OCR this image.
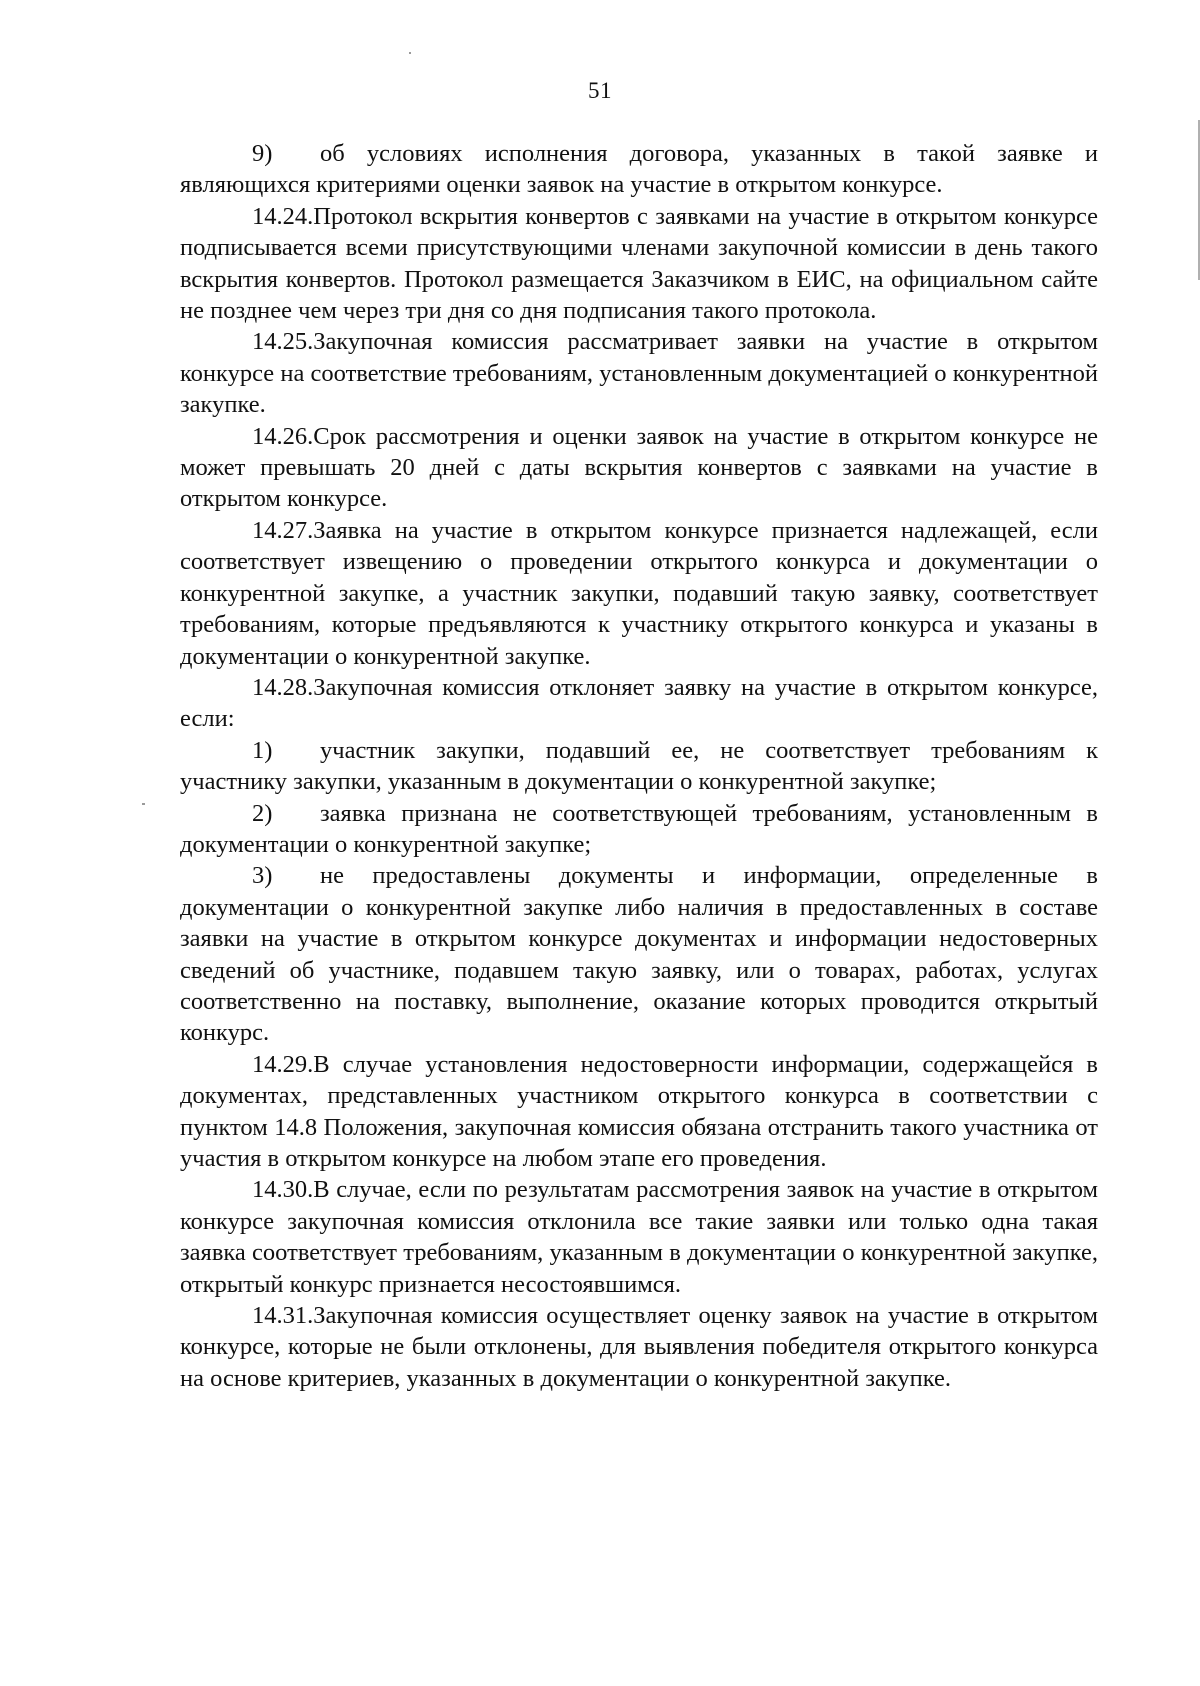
51

9) об условиях исполнения договора, указанных в такой заявке и являющихся критериями оценки заявок на участие в открытом конкурсе.

14.24.Протокол вскрытия конвертов с заявками на участие в открытом конкурсе подписывается всеми присутствующими членами закупочной комиссии в день такого вскрытия конвертов. Протокол размещается Заказчиком в ЕИС, на официальном сайте не позднее чем через три дня со дня подписания такого протокола.

14.25.Закупочная комиссия рассматривает заявки на участие в открытом конкурсе на соответствие требованиям, установленным документацией о конкурентной закупке.

14.26.Срок рассмотрения и оценки заявок на участие в открытом конкурсе не может превышать 20 дней с даты вскрытия конвертов с заявками на участие в открытом конкурсе.

14.27.Заявка на участие в открытом конкурсе признается надлежащей, если соответствует извещению о проведении открытого конкурса и документации о конкурентной закупке, а участник закупки, подавший такую заявку, соответствует требованиям, которые предъявляются к участнику открытого конкурса и указаны в документации о конкурентной закупке.

14.28.Закупочная комиссия отклоняет заявку на участие в открытом конкурсе, если:

1) участник закупки, подавший ее, не соответствует требованиям к участнику закупки, указанным в документации о конкурентной закупке;

2) заявка признана не соответствующей требованиям, установленным в документации о конкурентной закупке;

3) не предоставлены документы и информации, определенные в документации о конкурентной закупке либо наличия в предоставленных в составе заявки на участие в открытом конкурсе документах и информации недостоверных сведений об участнике, подавшем такую заявку, или о товарах, работах, услугах соответственно на поставку, выполнение, оказание которых проводится открытый конкурс.

14.29.В случае установления недостоверности информации, содержащейся в документах, представленных участником открытого конкурса в соответствии с пунктом 14.8 Положения, закупочная комиссия обязана отстранить такого участника от участия в открытом конкурсе на любом этапе его проведения.

14.30.В случае, если по результатам рассмотрения заявок на участие в открытом конкурсе закупочная комиссия отклонила все такие заявки или только одна такая заявка соответствует требованиям, указанным в документации о конкурентной закупке, открытый конкурс признается несостоявшимся.

14.31.Закупочная комиссия осуществляет оценку заявок на участие в открытом конкурсе, которые не были отклонены, для выявления победителя открытого конкурса на основе критериев, указанных в документации о конкурентной закупке.
